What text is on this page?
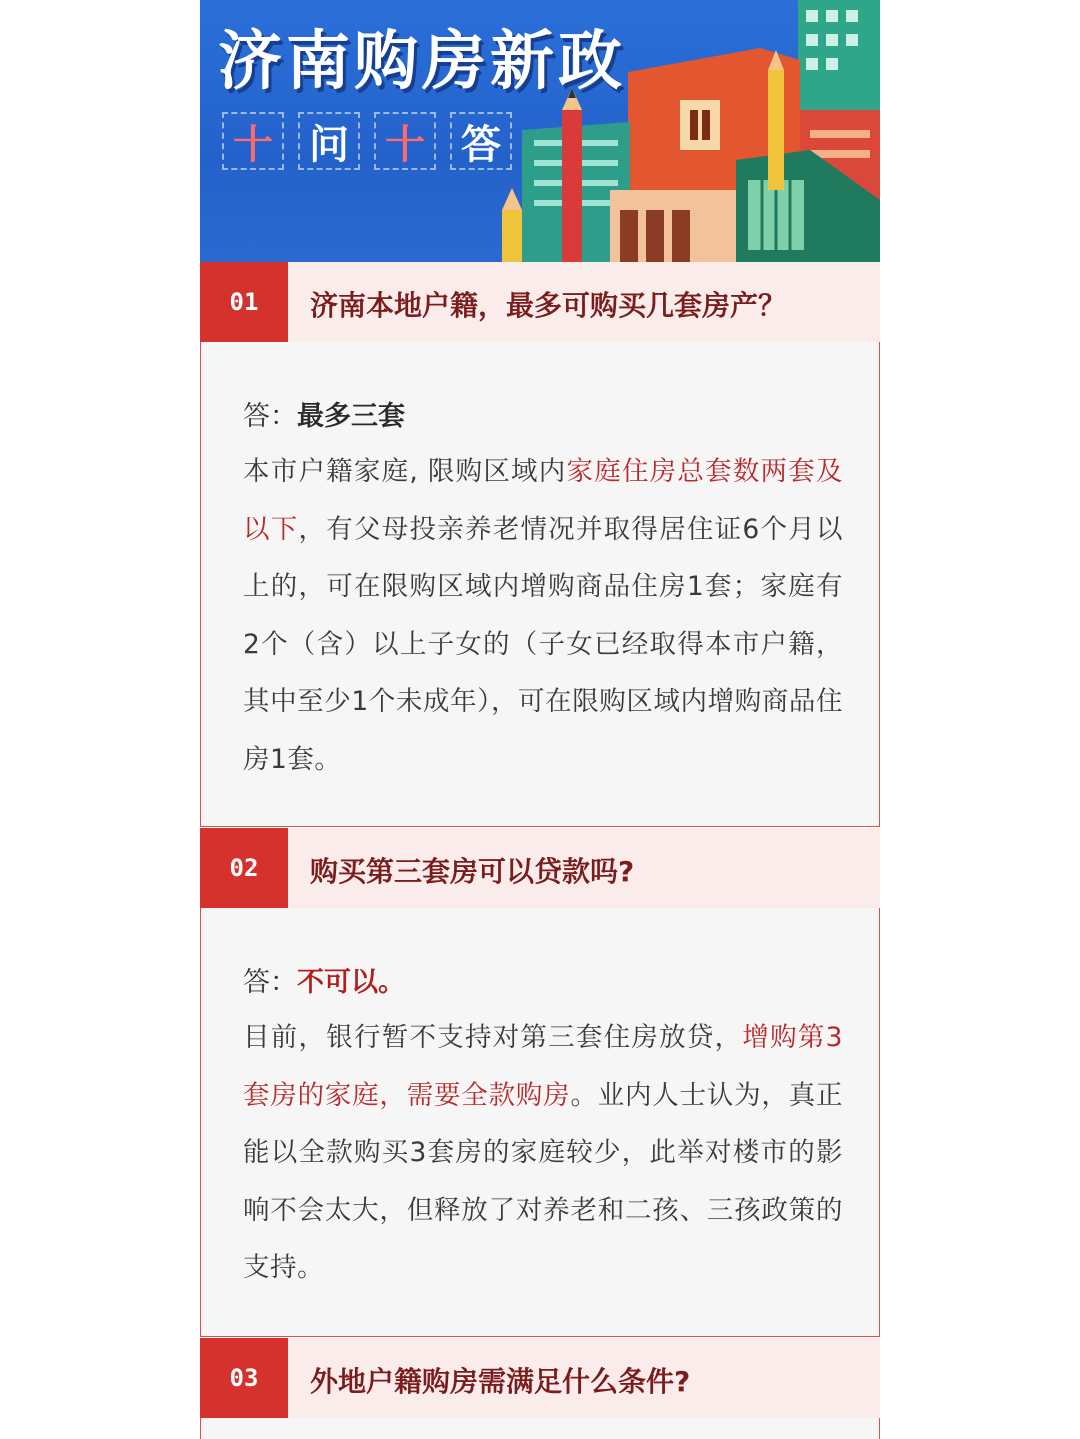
济南购房新政
十 问 十 答
01	济南本地户籍，最多可购买几套房产？
答：最多三套
本市户籍家庭, 限购区域内家庭住房总套数两套及以下，有父母投亲养老情况并取得居住证6个月以上的，可在限购区域内增购商品住房1套；家庭有2个（含）以上子女的（子女已经取得本市户籍，其中至少1个未成年），可在限购区域内增购商品住房1套。
02	购买第三套房可以贷款吗?
答：不可以。
目前，银行暂不支持对第三套住房放贷，增购第3套房的家庭，需要全款购房。业内人士认为，真正能以全款购买3套房的家庭较少，此举对楼市的影响不会太大，但释放了对养老和二孩、三孩政策的支持。
03	外地户籍购房需满足什么条件?
